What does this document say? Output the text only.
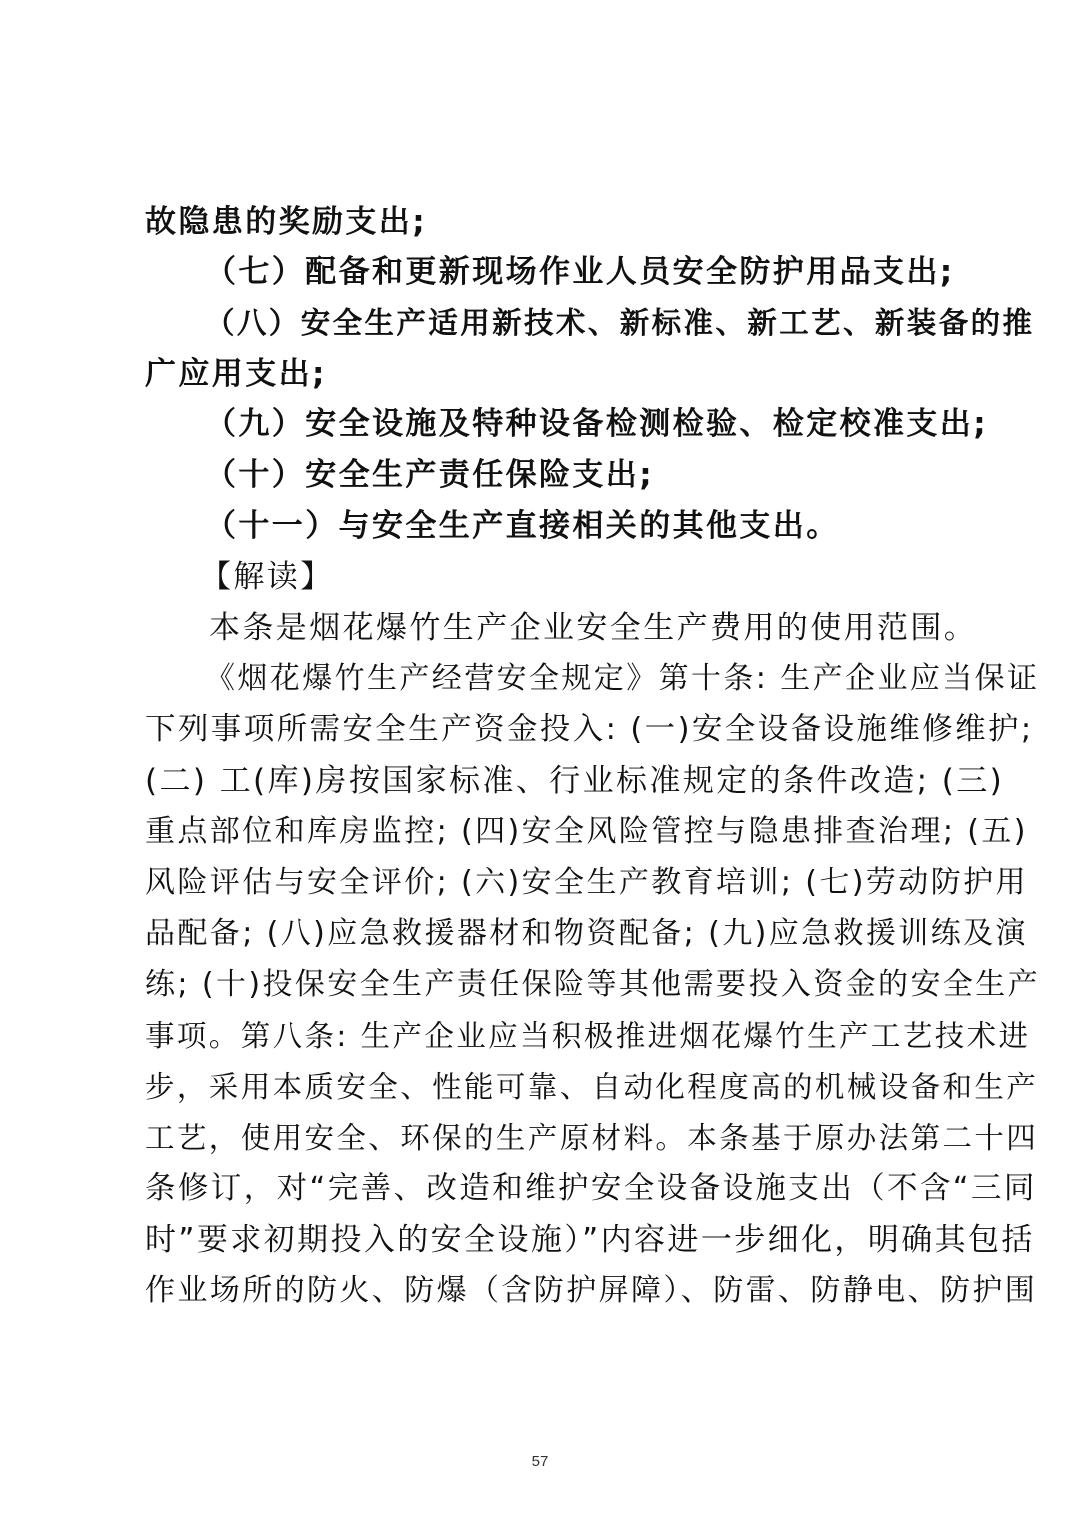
故隐患的奖励支出;
（七）配备和更新现场作业人员安全防护用品支出;
（八）安全生产适用新技术、新标准、新工艺、新装备的推
广应用支出;
（九）安全设施及特种设备检测检验、检定校准支出;
（十）安全生产责任保险支出;
（十一）与安全生产直接相关的其他支出。
【解读】
本条是烟花爆竹生产企业安全生产费用的使用范围。
《烟花爆竹生产经营安全规定》第十条: 生产企业应当保证
下列事项所需安全生产资金投入: (一)安全设备设施维修维护;
(二) 工(库)房按国家标准、行业标准规定的条件改造; (三)
重点部位和库房监控; (四)安全风险管控与隐患排查治理; (五)
风险评估与安全评价; (六)安全生产教育培训; (七)劳动防护用
品配备; (八)应急救援器材和物资配备; (九)应急救援训练及演
练; (十)投保安全生产责任保险等其他需要投入资金的安全生产
事项。第八条: 生产企业应当积极推进烟花爆竹生产工艺技术进
步，采用本质安全、性能可靠、自动化程度高的机械设备和生产
工艺，使用安全、环保的生产原材料。本条基于原办法第二十四
条修订，对“完善、改造和维护安全设备设施支出（不含“三同
时”要求初期投入的安全设施）”内容进一步细化，明确其包括
作业场所的防火、防爆（含防护屏障）、防雷、防静电、防护围
57
